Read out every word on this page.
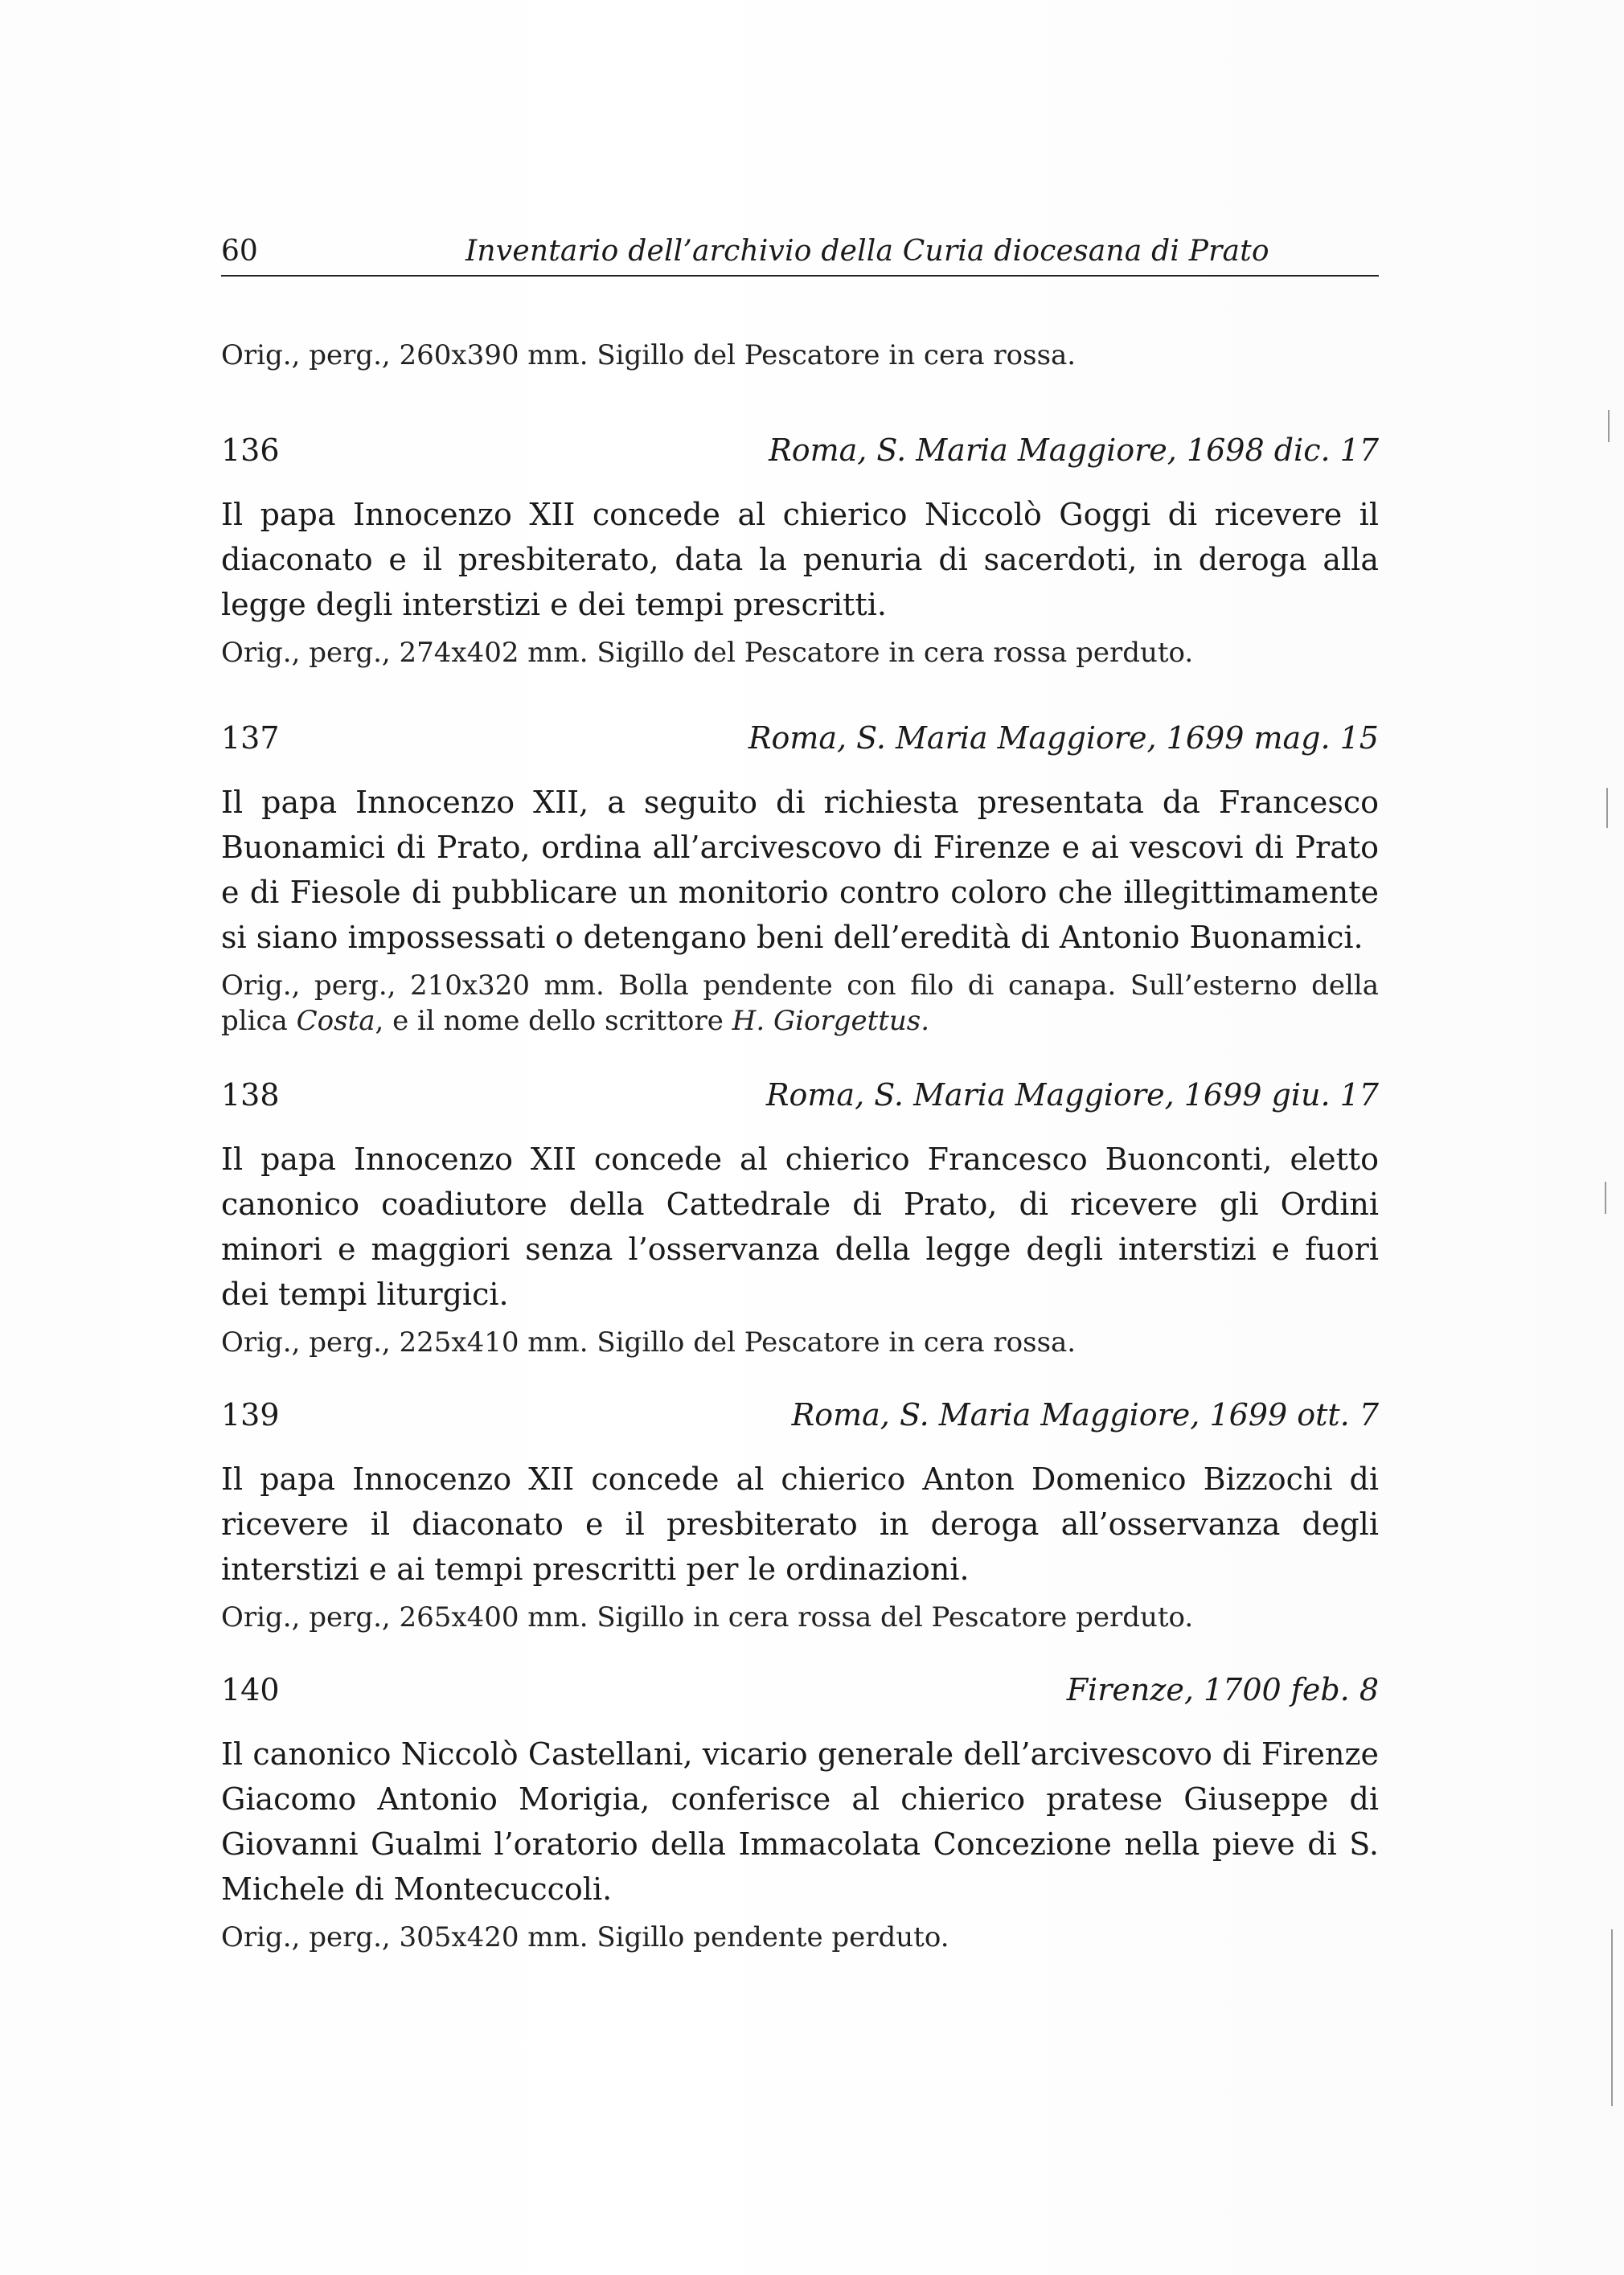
60	Inventario dell’archivio della Curia diocesana di Prato

Orig., perg., 260x390 mm. Sigillo del Pescatore in cera rossa.

136	Roma, S. Maria Maggiore, 1698 dic. 17

Il papa Innocenzo XII concede al chierico Niccolò Goggi di ricevere il diaconato e il presbiterato, data la penuria di sacerdoti, in deroga alla legge degli interstizi e dei tempi prescritti.

Orig., perg., 274x402 mm. Sigillo del Pescatore in cera rossa perduto.

137	Roma, S. Maria Maggiore, 1699 mag. 15

Il papa Innocenzo XII, a seguito di richiesta presentata da Francesco Buonamici di Prato, ordina all’arcivescovo di Firenze e ai vescovi di Prato e di Fiesole di pubblicare un monitorio contro coloro che illegittimamente si siano impossessati o detengano beni dell’eredità di Antonio Buonamici.

Orig., perg., 210x320 mm. Bolla pendente con filo di canapa. Sull’esterno della plica Costa, e il nome dello scrittore H. Giorgettus.

138	Roma, S. Maria Maggiore, 1699 giu. 17

Il papa Innocenzo XII concede al chierico Francesco Buonconti, eletto canonico coadiutore della Cattedrale di Prato, di ricevere gli Ordini minori e maggiori senza l’osservanza della legge degli interstizi e fuori dei tempi liturgici.

Orig., perg., 225x410 mm. Sigillo del Pescatore in cera rossa.

139	Roma, S. Maria Maggiore, 1699 ott. 7

Il papa Innocenzo XII concede al chierico Anton Domenico Bizzochi di ricevere il diaconato e il presbiterato in deroga all’osservanza degli interstizi e ai tempi prescritti per le ordinazioni.

Orig., perg., 265x400 mm. Sigillo in cera rossa del Pescatore perduto.

140	Firenze, 1700 feb. 8

Il canonico Niccolò Castellani, vicario generale dell’arcivescovo di Firenze Giacomo Antonio Morigia, conferisce al chierico pratese Giuseppe di Giovanni Gualmi l’oratorio della Immacolata Concezione nella pieve di S. Michele di Montecuccoli.

Orig., perg., 305x420 mm. Sigillo pendente perduto.
